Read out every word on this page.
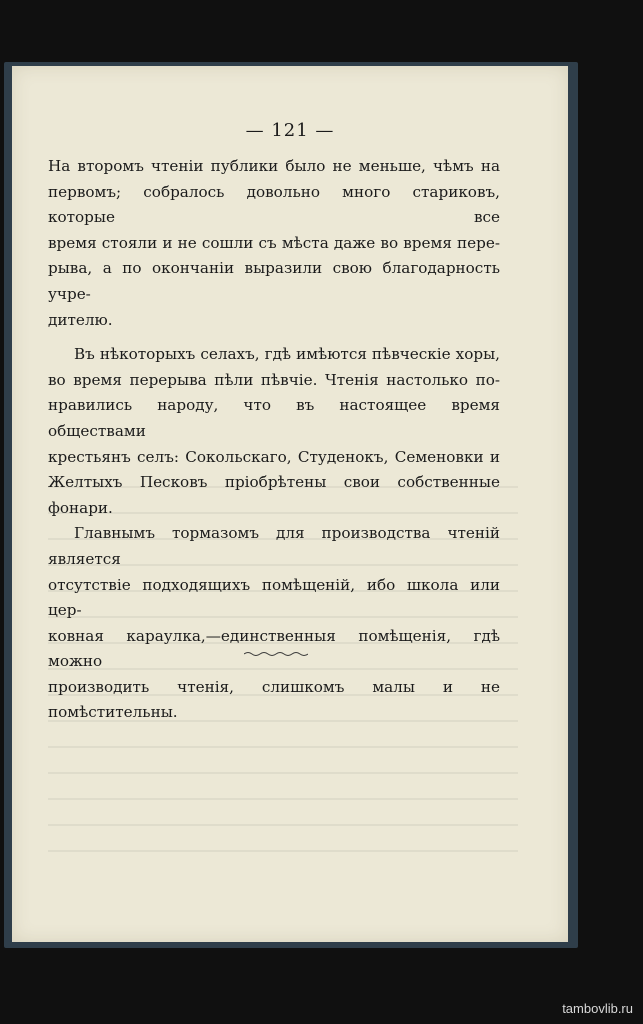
— 121 —

На второмъ чтеніи публики было не меньше, чѣмъ на

первомъ; собралось довольно много стариковъ, которые все

время стояли и не сошли съ мѣста даже во время пере-

рыва, а по окончаніи выразили свою благодарность учре-

дителю.

Въ нѣкоторыхъ селахъ, гдѣ имѣются пѣвческіе хоры,

во время перерыва пѣли пѣвчіе. Чтенія настолько по-

нравились народу, что въ настоящее время обществами

крестьянъ селъ: Сокольскаго, Студенокъ, Семеновки и

Желтыхъ Песковъ пріобрѣтены свои собственные фонари.

Главнымъ тормазомъ для производства чтеній является

отсутствіе подходящихъ помѣщеній, ибо школа или цер-

ковная караулка,—единственныя помѣщенія, гдѣ можно

производить чтенія, слишкомъ малы и не помѣстительны.

tambovlib.ru
